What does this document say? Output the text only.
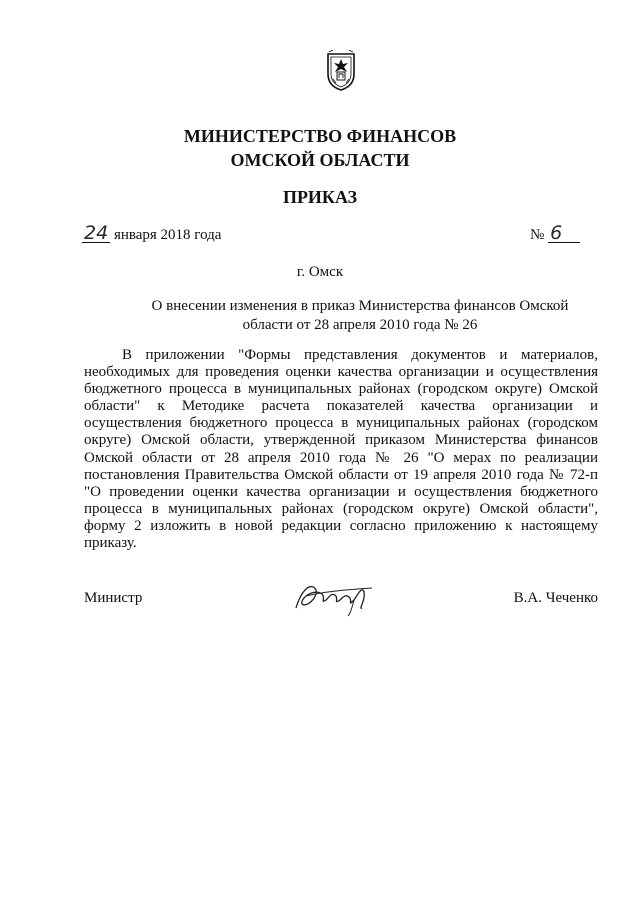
МИНИСТЕРСТВО ФИНАНСОВ
ОМСКОЙ ОБЛАСТИ
ПРИКАЗ
24 января 2018 года	№ 6
г. Омск
О внесении изменения в приказ Министерства финансов Омской
области от 28 апреля 2010 года № 26
В приложении "Формы представления документов и материалов, необходимых для проведения оценки качества организации и осуществления бюджетного процесса в муниципальных районах (городском округе) Омской области" к Методике расчета показателей качества организации и осуществления бюджетного процесса в муниципальных районах (городском округе) Омской области, утвержденной приказом Министерства финансов Омской области от 28 апреля 2010 года № 26 "О мерах по реализации постановления Правительства Омской области от 19 апреля 2010 года № 72-п "О проведении оценки качества организации и осуществления бюджетного процесса в муниципальных районах (городском округе) Омской области", форму 2 изложить в новой редакции согласно приложению к настоящему приказу.
Министр	В.А. Чеченко
